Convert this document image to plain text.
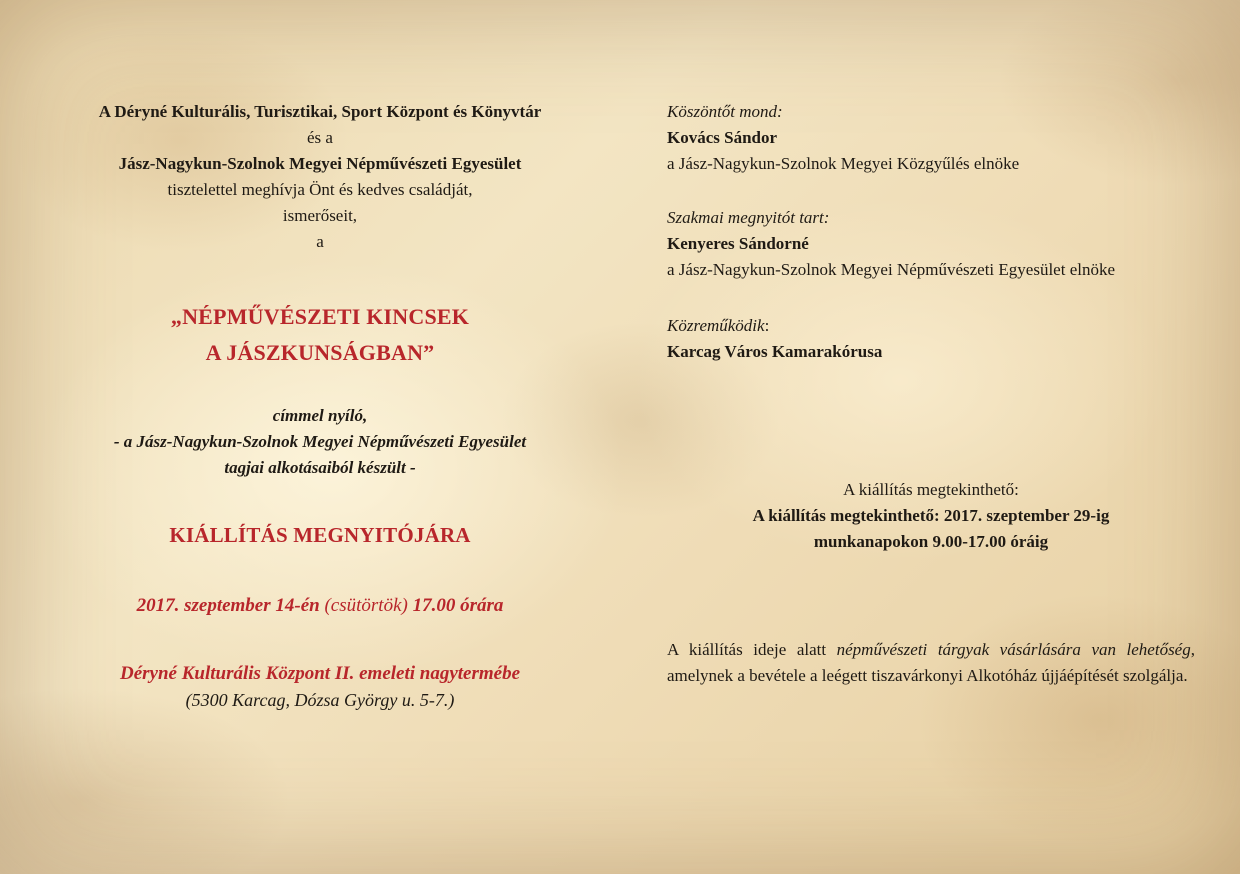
A Déryné Kulturális, Turisztikai, Sport Központ és Könyvtár

és a

Jász-Nagykun-Szolnok Megyei Népművészeti Egyesület

tisztelettel meghívja Önt és kedves családját,

ismerőseit,

a

„NÉPMŰVÉSZETI KINCSEK

A JÁSZKUNSÁGBAN”

címmel nyíló,

- a Jász-Nagykun-Szolnok Megyei Népművészeti Egyesület

tagjai alkotásaiból készült -

KIÁLLÍTÁS MEGNYITÓJÁRA

2017. szeptember 14-én (csütörtök) 17.00 órára

Déryné Kulturális Központ II. emeleti nagytermébe

(5300 Karcag, Dózsa György u. 5-7.)

Köszöntőt mond:

Kovács Sándor

a Jász-Nagykun-Szolnok Megyei Közgyűlés elnöke

Szakmai megnyitót tart:

Kenyeres Sándorné

a Jász-Nagykun-Szolnok Megyei Népművészeti Egyesület elnöke

Közreműködik:

Karcag Város Kamarakórusa

A kiállítás megtekinthető:

A kiállítás megtekinthető: 2017. szeptember 29-ig

munkanapokon 9.00-17.00 óráig

A kiállítás ideje alatt népművészeti tárgyak vásárlására van lehetőség, amelynek a bevétele a leégett tiszavárkonyi Alkotóház újjáépítését szolgálja.
